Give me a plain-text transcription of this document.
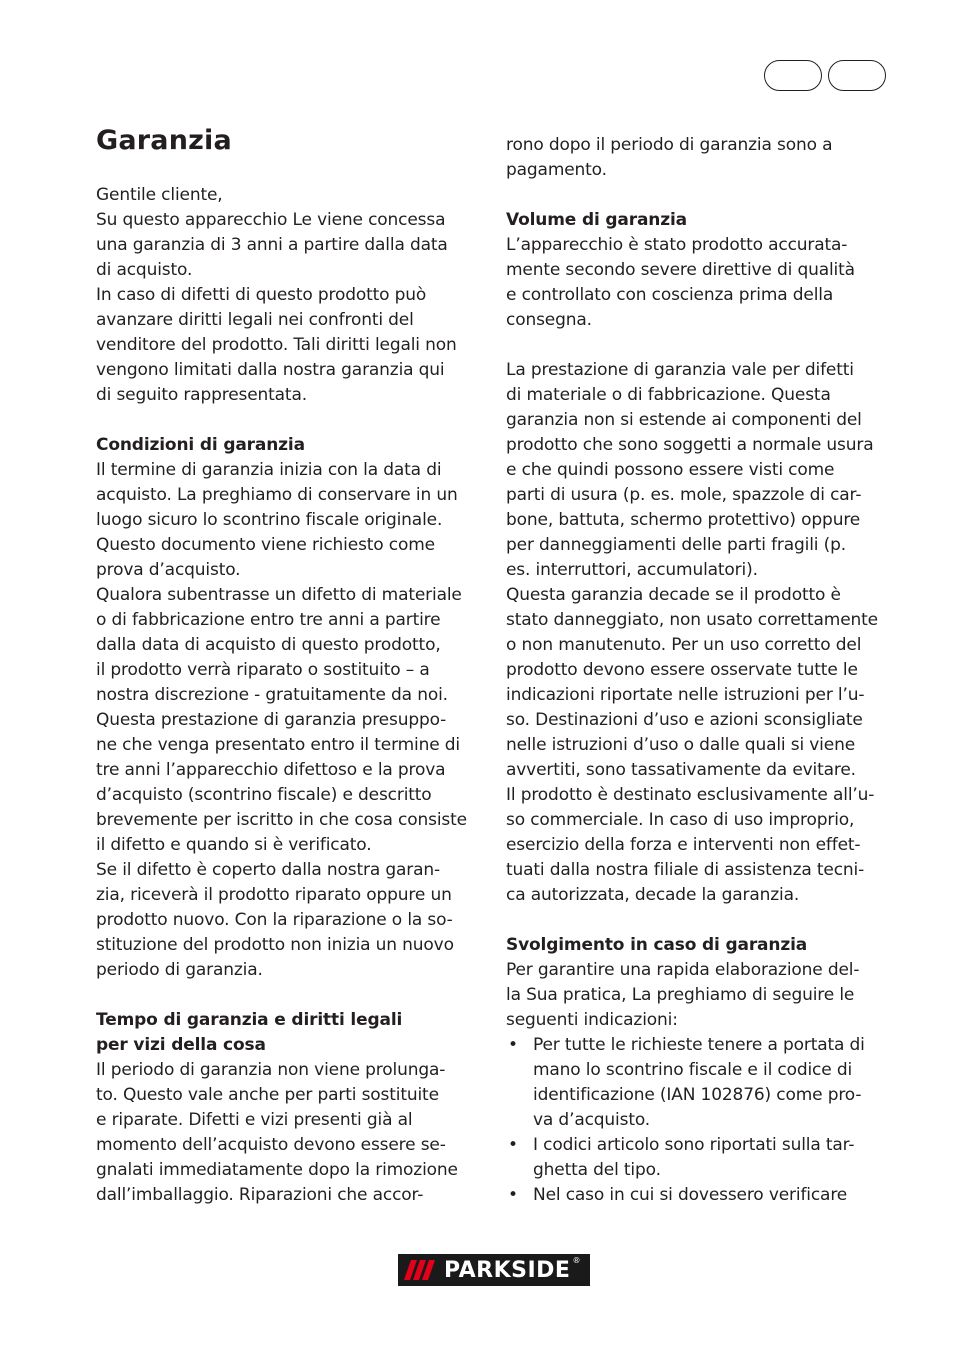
Garanzia
Gentile cliente,
Su questo apparecchio Le viene concessa
una garanzia di 3 anni a partire dalla data
di acquisto.
In caso di difetti di questo prodotto può
avanzare diritti legali nei confronti del
venditore del prodotto. Tali diritti legali non
vengono limitati dalla nostra garanzia qui
di seguito rappresentata.
Condizioni di garanzia
Il termine di garanzia inizia con la data di
acquisto. La preghiamo di conservare in un
luogo sicuro lo scontrino fiscale originale.
Questo documento viene richiesto come
prova d’acquisto.
Qualora subentrasse un difetto di materiale
o di fabbricazione entro tre anni a partire
dalla data di acquisto di questo prodotto,
il prodotto verrà riparato o sostituito – a
nostra discrezione - gratuitamente da noi.
Questa prestazione di garanzia presuppo-
ne che venga presentato entro il termine di
tre anni l’apparecchio difettoso e la prova
d’acquisto (scontrino fiscale) e descritto
brevemente per iscritto in che cosa consiste
il difetto e quando si è verificato.
Se il difetto è coperto dalla nostra garan-
zia, riceverà il prodotto riparato oppure un
prodotto nuovo. Con la riparazione o la so-
stituzione del prodotto non inizia un nuovo
periodo di garanzia.
Tempo di garanzia e diritti legali
per vizi della cosa
Il periodo di garanzia non viene prolunga-
to. Questo vale anche per parti sostituite
e riparate. Difetti e vizi presenti già al
momento dell’acquisto devono essere se-
gnalati immediatamente dopo la rimozione
dall’imballaggio. Riparazioni che accor-
rono dopo il periodo di garanzia sono a
pagamento.
Volume di garanzia
L’apparecchio è stato prodotto accurata-
mente secondo severe direttive di qualità
e controllato con coscienza prima della
consegna.
La prestazione di garanzia vale per difetti
di materiale o di fabbricazione. Questa
garanzia non si estende ai componenti del
prodotto che sono soggetti a normale usura
e che quindi possono essere visti come
parti di usura (p. es. mole, spazzole di car-
bone, battuta, schermo protettivo) oppure
per danneggiamenti delle parti fragili (p.
es. interruttori, accumulatori).
Questa garanzia decade se il prodotto è
stato danneggiato, non usato correttamente
o non manutenuto. Per un uso corretto del
prodotto devono essere osservate tutte le
indicazioni riportate nelle istruzioni per l’u-
so. Destinazioni d’uso e azioni sconsigliate
nelle istruzioni d’uso o dalle quali si viene
avvertiti, sono tassativamente da evitare.
Il prodotto è destinato esclusivamente all’u-
so commerciale. In caso di uso improprio,
esercizio della forza e interventi non effet-
tuati dalla nostra filiale di assistenza tecni-
ca autorizzata, decade la garanzia.
Svolgimento in caso di garanzia
Per garantire una rapida elaborazione del-
la Sua pratica, La preghiamo di seguire le
seguenti indicazioni:
• Per tutte le richieste tenere a portata di
mano lo scontrino fiscale e il codice di
identificazione (IAN 102876) come pro-
va d’acquisto.
• I codici articolo sono riportati sulla tar-
ghetta del tipo.
• Nel caso in cui si dovessero verificare
PARKSIDE ®
